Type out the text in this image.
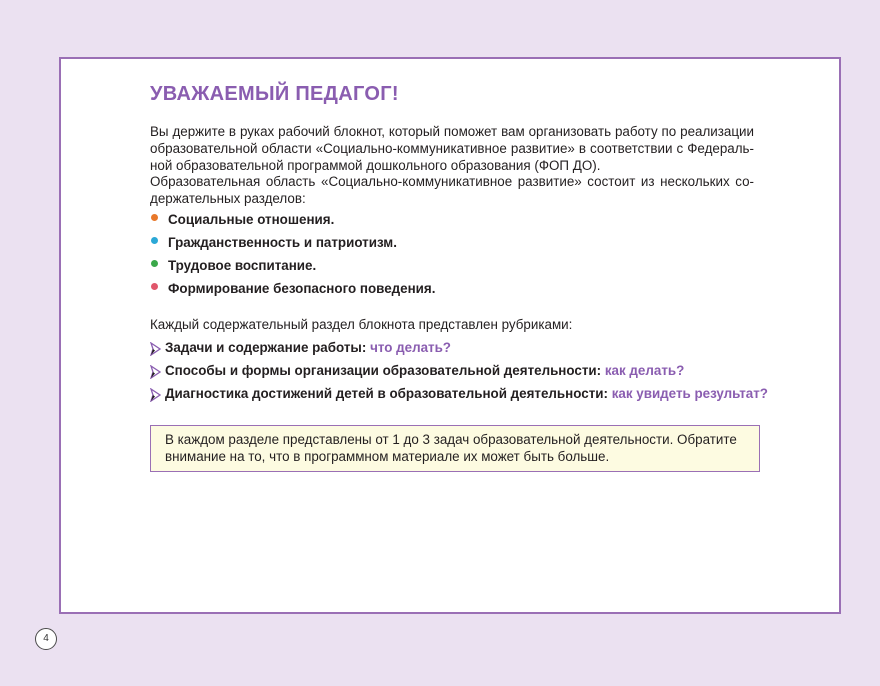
УВАЖАЕМЫЙ ПЕДАГОГ!

Вы держите в руках рабочий блокнот, который поможет вам организовать работу по реализации образовательной области «Социально-коммуникативное развитие» в соответствии с Федеральной образовательной программой дошкольного образования (ФОП ДО).

Образовательная область «Социально-коммуникативное развитие» состоит из нескольких содержательных разделов:

Социальные отношения.
Гражданственность и патриотизм.
Трудовое воспитание.
Формирование безопасного поведения.

Каждый содержательный раздел блокнота представлен рубриками:

Задачи и содержание работы: что делать?
Способы и формы организации образовательной деятельности: как делать?
Диагностика достижений детей в образовательной деятельности: как увидеть результат?
В каждом разделе представлены от 1 до 3 задач образовательной деятельности. Обратите внимание на то, что в программном материале их может быть больше.
4
